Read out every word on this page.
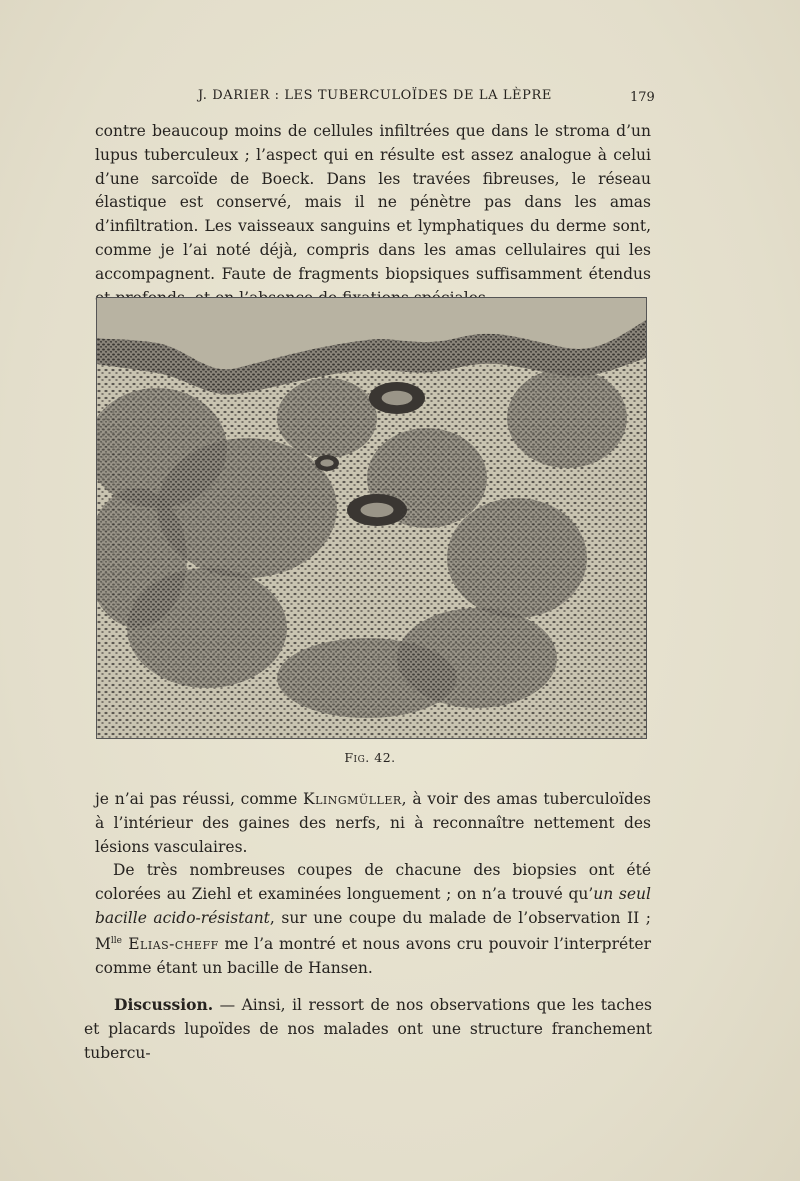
J. DARIER : LES TUBERCULOÏDES DE LA LÈPRE	179

contre beaucoup moins de cellules infiltrées que dans le stroma d’un lupus tuberculeux ; l’aspect qui en résulte est assez analogue à celui d’une sarcoïde de Boeck. Dans les travées fibreuses, le réseau élastique est conservé, mais il ne pénètre pas dans les amas d’infiltration. Les vaisseaux sanguins et lymphatiques du derme sont, comme je l’ai noté déjà, compris dans les amas cellulaires qui les accompagnent. Faute de fragments biopsiques suffisamment étendus

Fig. 42.

je n’ai pas réussi, comme Klingmüller, à voir des amas tuberculoïdes à l’intérieur des gaines des nerfs, ni à reconnaître nettement des lésions vasculaires.

De très nombreuses coupes de chacune des biopsies ont été colorées au Ziehl et examinées longuement ; on n’a trouvé qu’un seul bacille acido-résistant, sur une coupe du malade de l’observation II ; $M^{lle}$ Elias-cheff me l’a montré et nous avons cru pouvoir l’interpréter comme étant un bacille de Hansen.

Discussion. — Ainsi, il ressort de nos observations que les taches et placards lupoïdes de nos malades ont une structure franchement tubercu-
